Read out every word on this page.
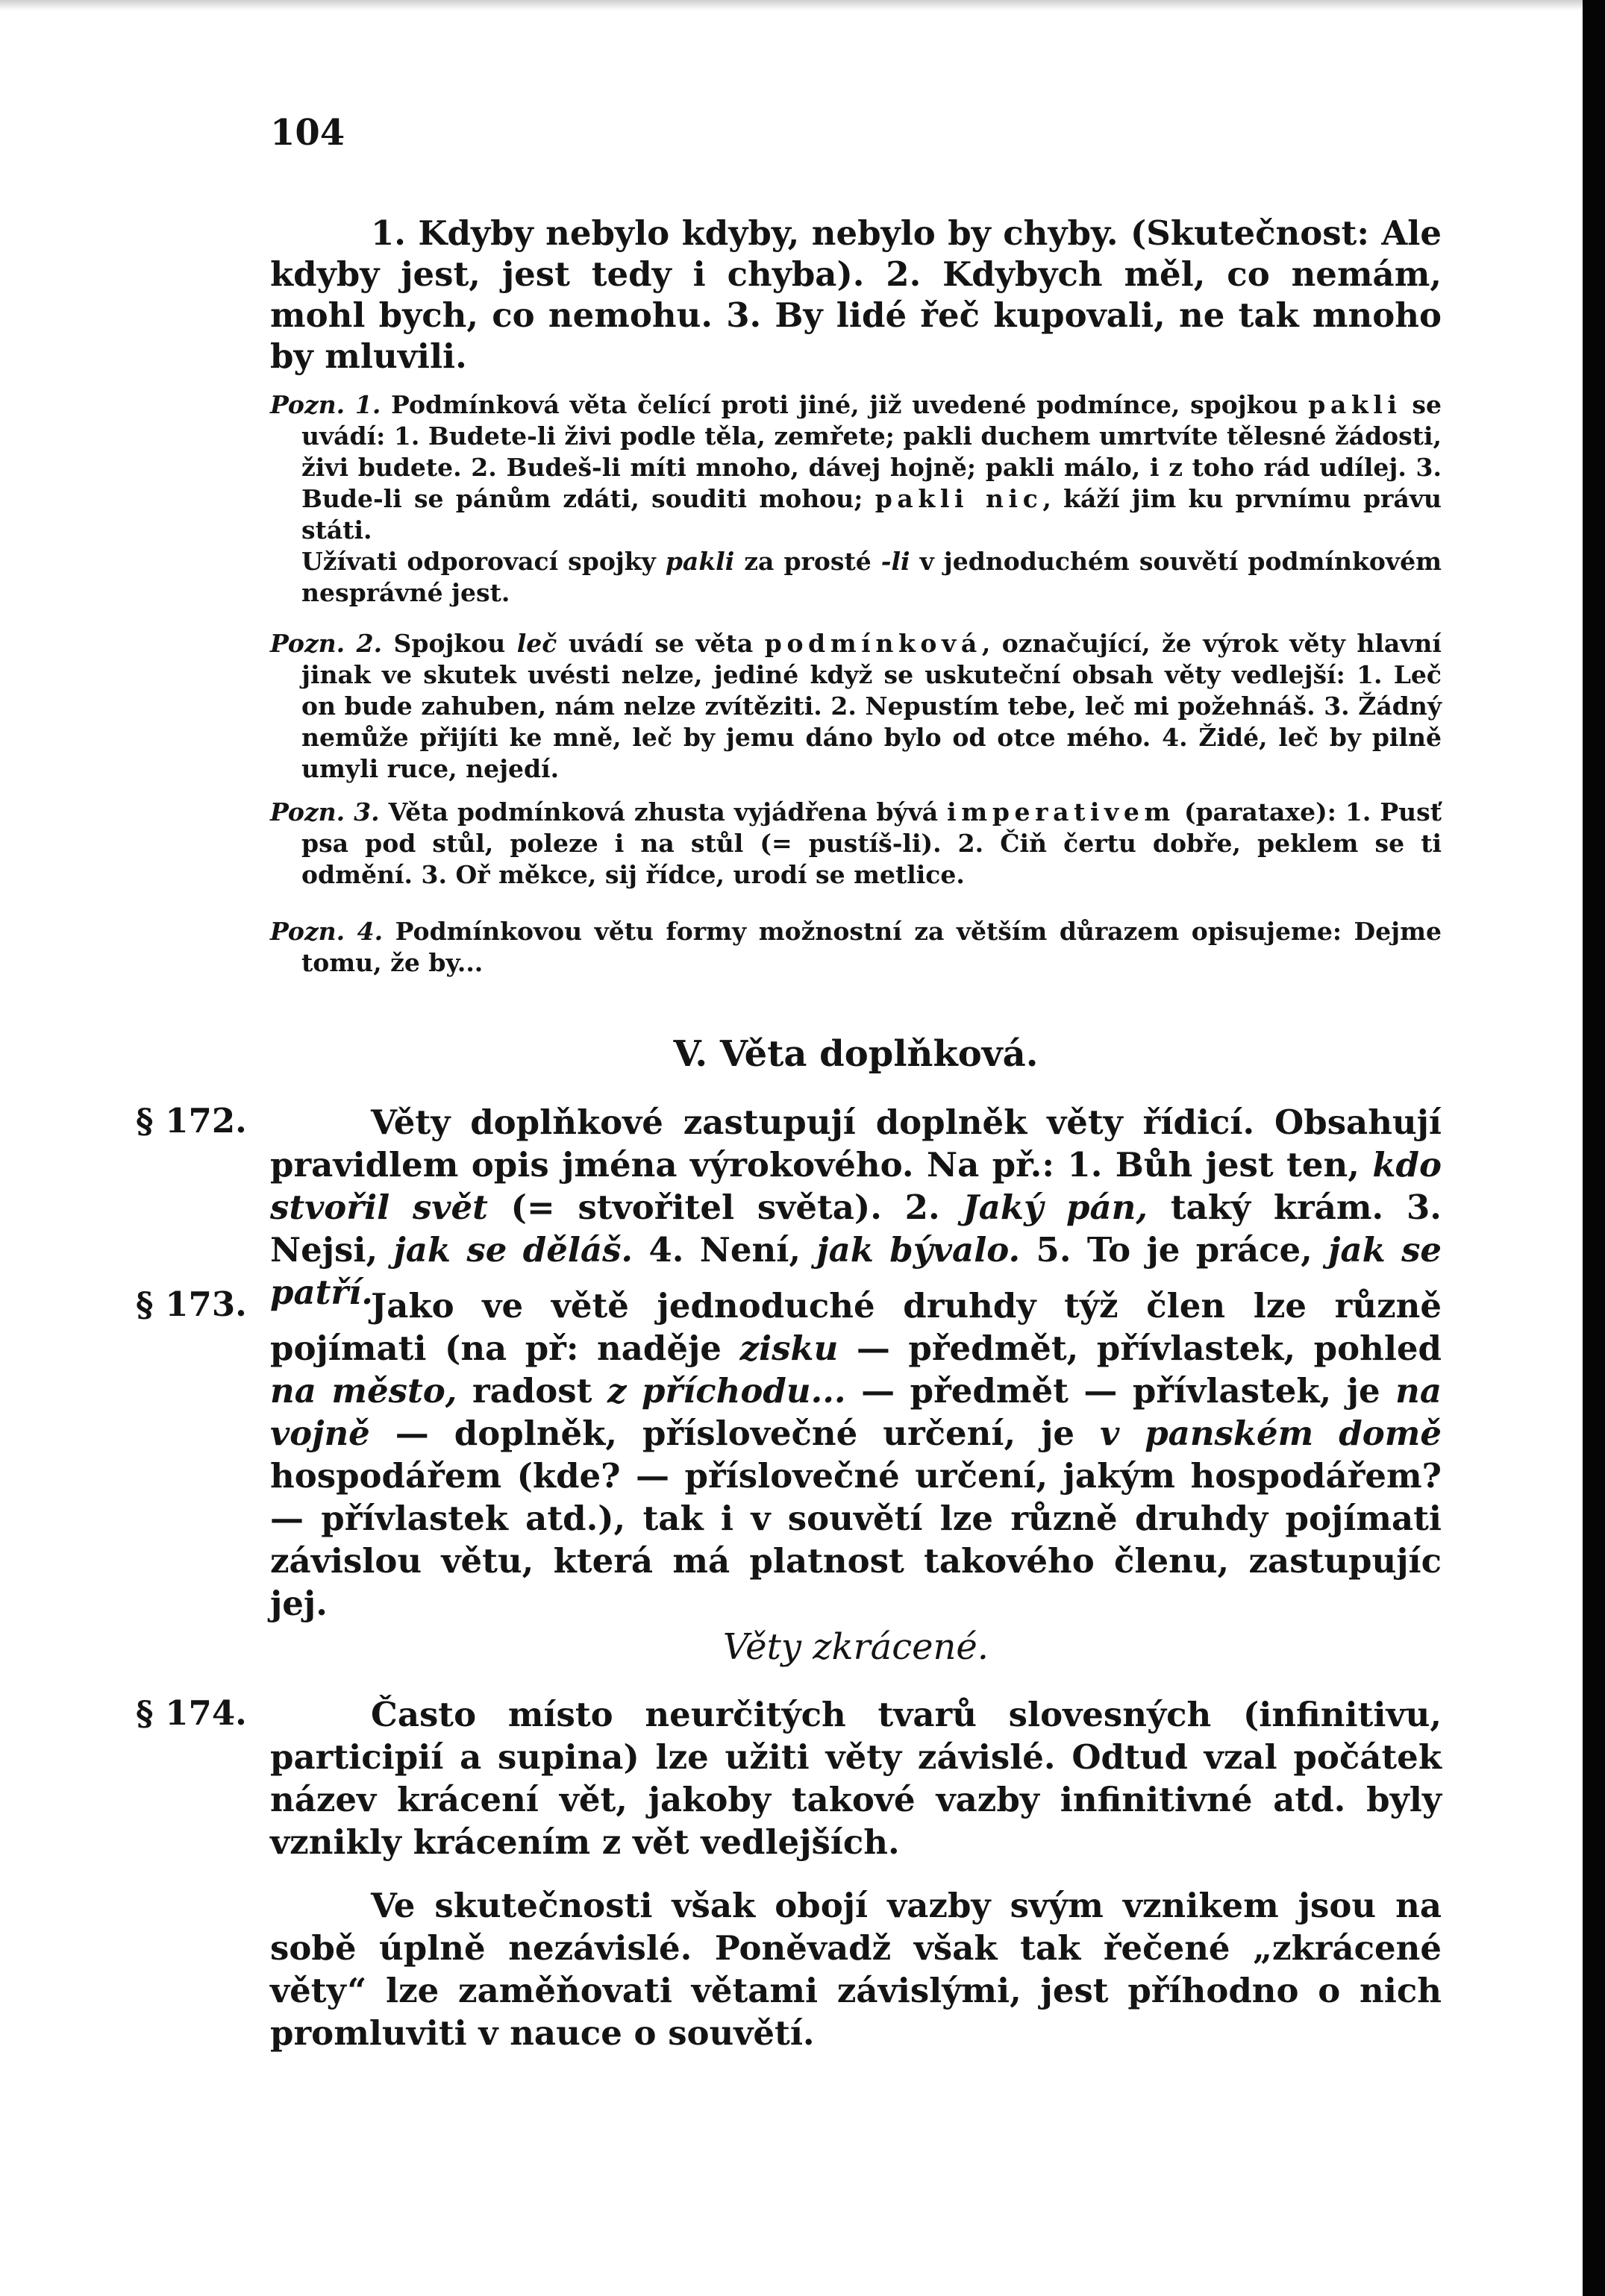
104

1. Kdyby nebylo kdyby, nebylo by chyby. (Skutečnost: Ale kdyby jest, jest tedy i chyba). 2. Kdybych měl, co nemám, mohl bych, co nemohu. 3. By lidé řeč kupovali, ne tak mnoho by mluvili.

Pozn. 1. Podmínková věta čelící proti jiné, již uvedené podmínce, spojkou pakli se uvádí: 1. Budete-li živi podle těla, zemřete; pakli duchem umrtvíte tělesné žádosti, živi budete. 2. Budeš-li míti mnoho, dávej hojně; pakli málo, i z toho rád udílej. 3. Bude-li se pánům zdáti, souditi mohou; pakli nic, káží jim ku prvnímu právu státi.

Užívati odporovací spojky pakli za prosté -li v jednoduchém souvětí podmínkovém nesprávné jest.

Pozn. 2. Spojkou leč uvádí se věta podmínková, označující, že výrok věty hlavní jinak ve skutek uvésti nelze, jediné když se uskuteční obsah věty vedlejší: 1. Leč on bude zahuben, nám nelze zvítěziti. 2. Nepustím tebe, leč mi požehnáš. 3. Žádný nemůže přijíti ke mně, leč by jemu dáno bylo od otce mého. 4. Židé, leč by pilně umyli ruce, nejedí.

Pozn. 3. Věta podmínková zhusta vyjádřena bývá imperativem (parataxe): 1. Pusť psa pod stůl, poleze i na stůl (= pustíš-li). 2. Čiň čertu dobře, peklem se ti odmění. 3. Oř měkce, sij řídce, urodí se metlice.

Pozn. 4. Podmínkovou větu formy možnostní za větším důrazem opisujeme: Dejme tomu, že by...

V. Věta doplňková.
§ 172.	Věty doplňkové zastupují doplněk věty řídicí. Obsahují pravidlem opis jména výrokového. Na př.: 1. Bůh jest ten, kdo stvořil svět (= stvořitel světa). 2. Jaký pán, taký krám. 3. Nejsi, jak se děláš. 4. Není, jak bývalo. 5. To je práce, jak se patří.

§ 173.	Jako ve větě jednoduché druhdy týž člen lze různě pojímati (na př: naděje zisku — předmět, přívlastek, pohled na město, radost z příchodu... — předmět — přívlastek, je na vojně — doplněk, příslovečné určení, je v panském domě hospodářem (kde? — příslovečné určení, jakým hospodářem? — přívlastek atd.), tak i v souvětí lze různě druhdy pojímati závislou větu, která má platnost takového členu, zastupujíc jej.

Věty zkrácené.
§ 174.	Často místo neurčitých tvarů slovesných (infinitivu, participií a supina) lze užiti věty závislé. Odtud vzal počátek název krácení vět, jakoby takové vazby infinitivné atd. byly vznikly krácením z vět vedlejších.

Ve skutečnosti však obojí vazby svým vznikem jsou na sobě úplně nezávislé. Poněvadž však tak řečené „zkrácené věty“ lze zaměňovati větami závislými, jest příhodno o nich promluviti v nauce o souvětí.
